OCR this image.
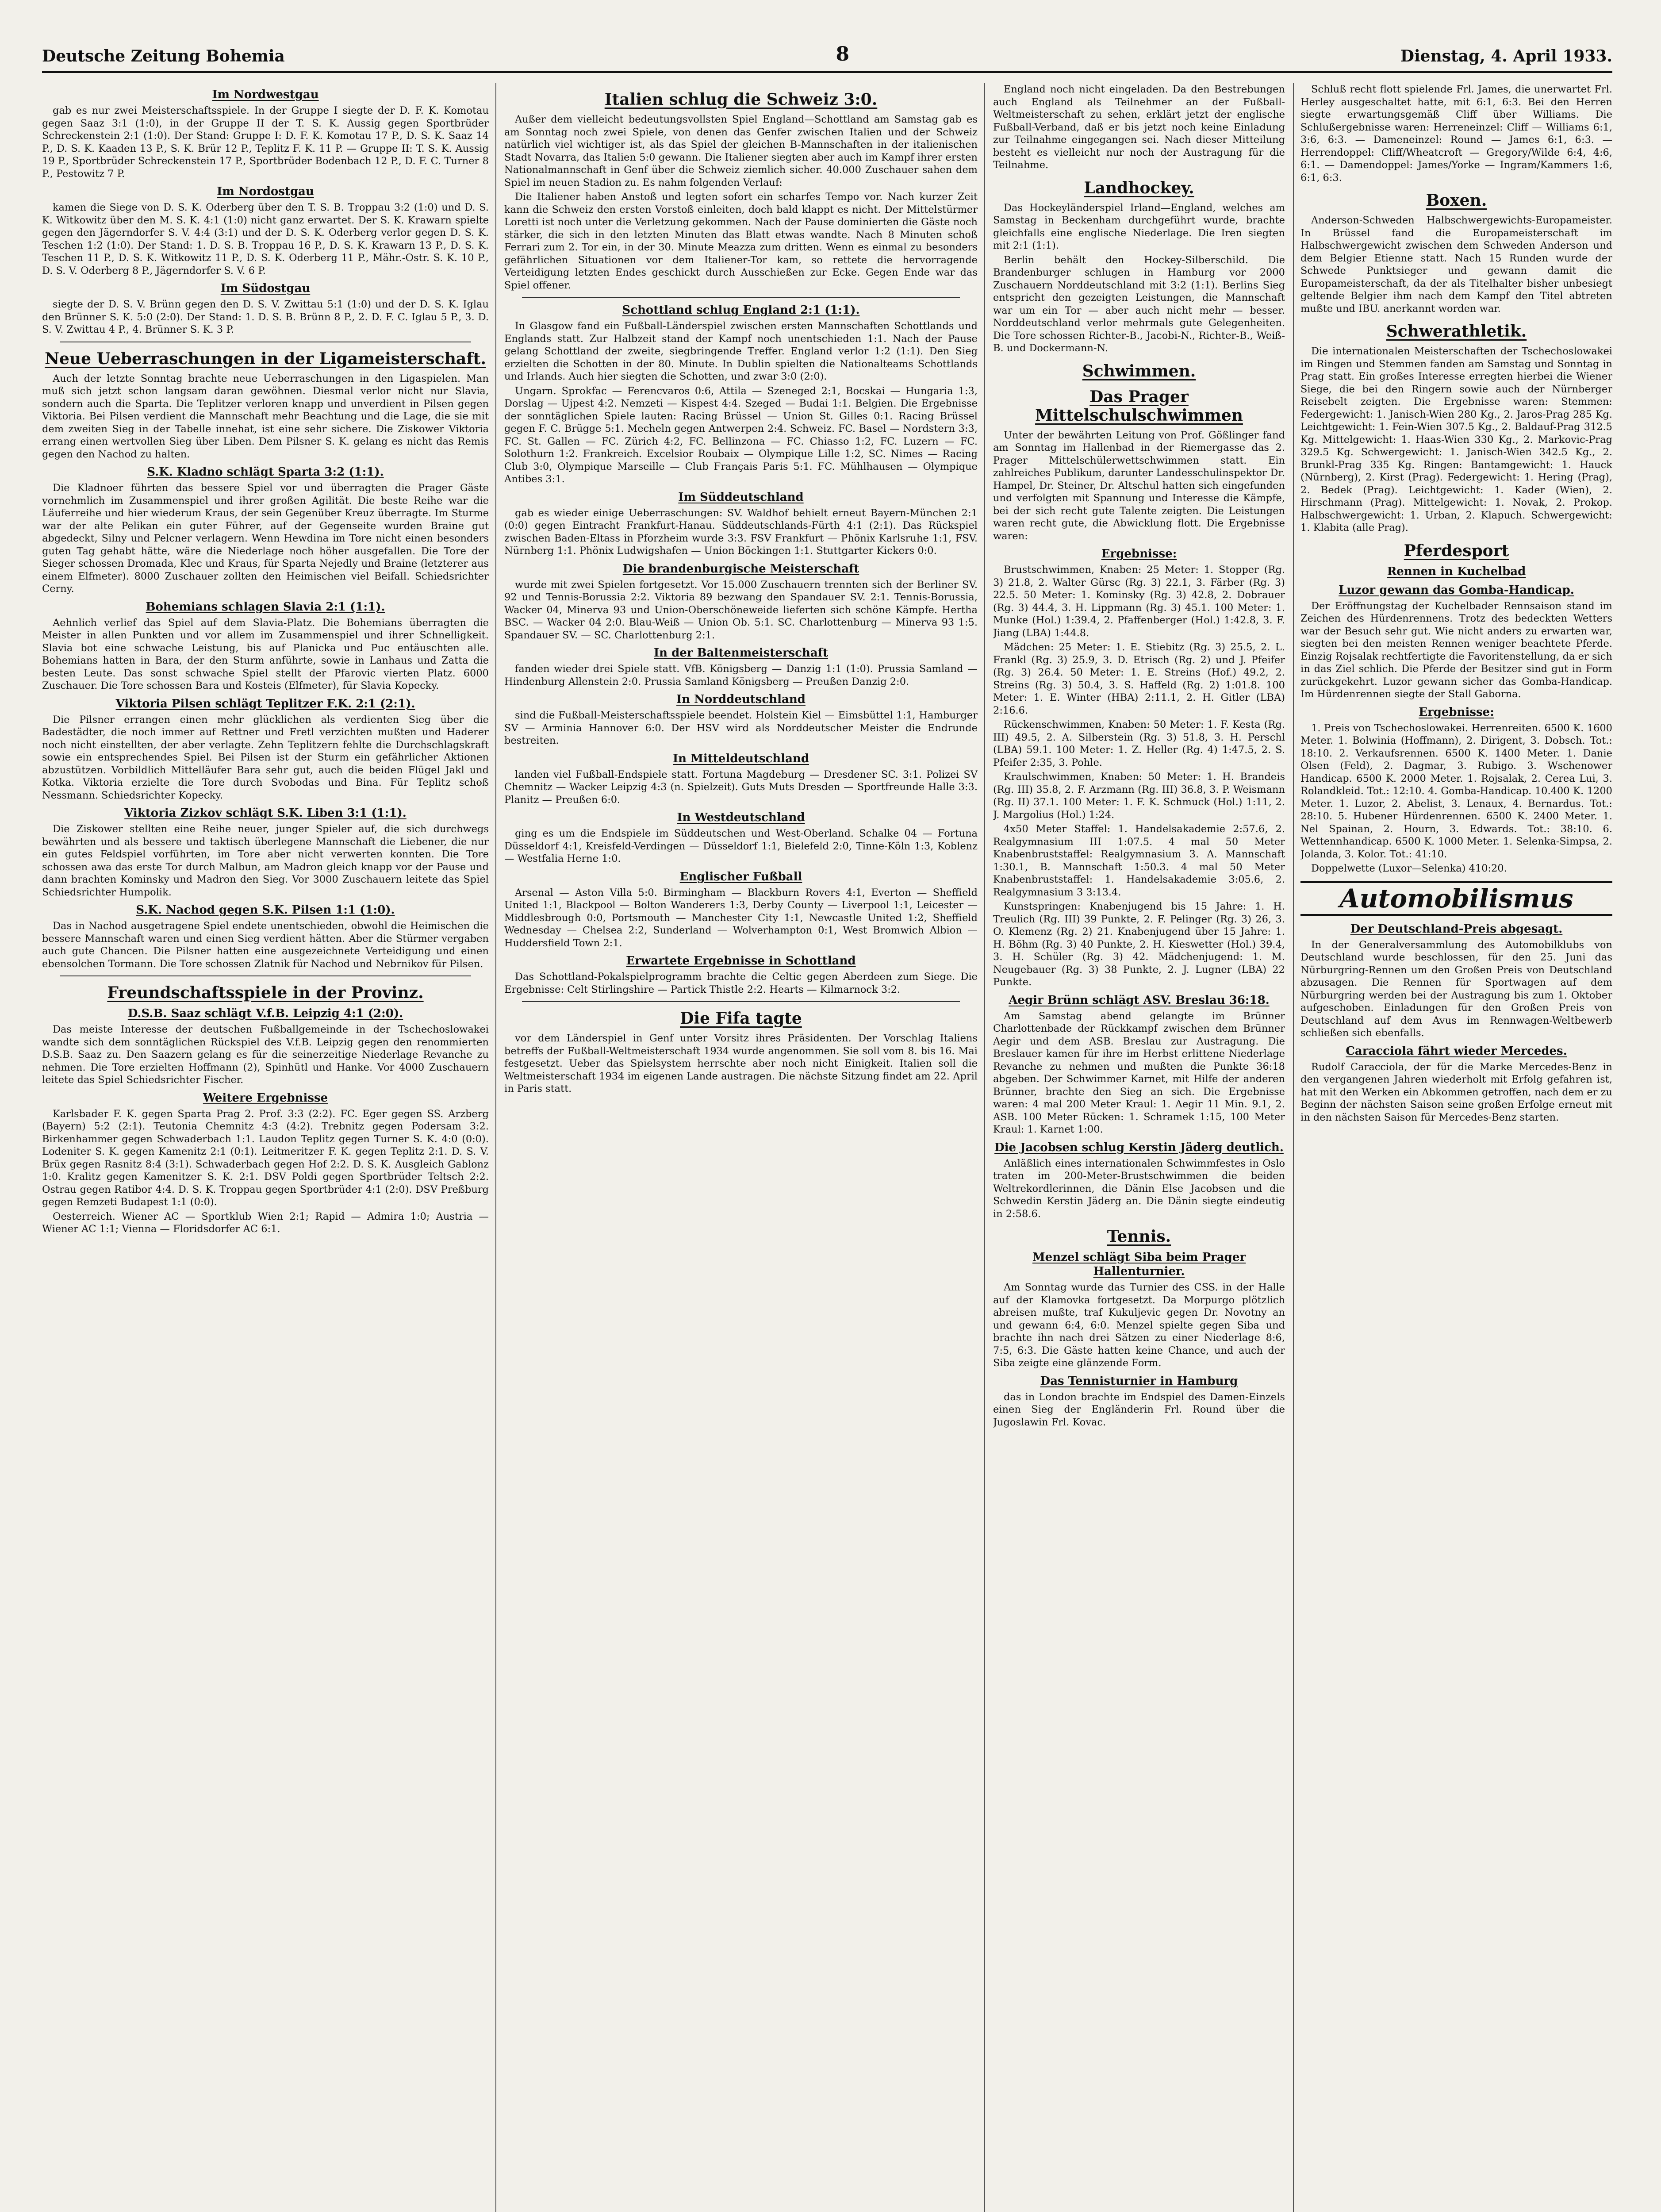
Deutsche Zeitung Bohemia	8	Dienstag, 4. April 1933.
Im Nordwestgau

gab es nur zwei Meisterschaftsspiele. In der Gruppe I siegte der D. F. K. Komotau gegen Saaz 3:1 (1:0), in der Gruppe II der T. S. K. Aussig gegen Sportbrüder Schreckenstein 2:1 (1:0). Der Stand: Gruppe I: D. F. K. Komotau 17 P., D. S. K. Saaz 14 P., D. S. K. Kaaden 13 P., S. K. Brür 12 P., Teplitz F. K. 11 P. — Gruppe II: T. S. K. Aussig 19 P., Sportbrüder Schreckenstein 17 P., Sportbrüder Bodenbach 12 P., D. F. C. Turner 8 P., Pestowitz 7 P.

Im Nordostgau

kamen die Siege von D. S. K. Oderberg über den T. S. B. Troppau 3:2 (1:0) und D. S. K. Witkowitz über den M. S. K. 4:1 (1:0) nicht ganz erwartet. Der S. K. Krawarn spielte gegen den Jägerndorfer S. V. 4:4 (3:1) und der D. S. K. Oderberg verlor gegen D. S. K. Teschen 1:2 (1:0). Der Stand: 1. D. S. B. Troppau 16 P., D. S. K. Krawarn 13 P., D. S. K. Teschen 11 P., D. S. K. Witkowitz 11 P., D. S. K. Oderberg 11 P., Mähr.-Ostr. S. K. 10 P., D. S. V. Oderberg 8 P., Jägerndorfer S. V. 6 P.

Im Südostgau

siegte der D. S. V. Brünn gegen den D. S. V. Zwittau 5:1 (1:0) und der D. S. K. Iglau den Brünner S. K. 5:0 (2:0). Der Stand: 1. D. S. B. Brünn 8 P., 2. D. F. C. Iglau 5 P., 3. D. S. V. Zwittau 4 P., 4. Brünner S. K. 3 P.

Neue Ueberraschungen in der Ligameisterschaft.

Auch der letzte Sonntag brachte neue Ueberraschungen in den Ligaspielen. Man muß sich jetzt schon langsam daran gewöhnen. Diesmal verlor nicht nur Slavia, sondern auch die Sparta. Die Teplitzer verloren knapp und unverdient in Pilsen gegen Viktoria. Bei Pilsen verdient die Mannschaft mehr Beachtung und die Lage, die sie mit dem zweiten Sieg in der Tabelle innehat, ist eine sehr sichere. Die Ziskower Viktoria errang einen wertvollen Sieg über Liben. Dem Pilsner S. K. gelang es nicht das Remis gegen den Nachod zu halten.

S.K. Kladno schlägt Sparta 3:2 (1:1).

Die Kladnoer führten das bessere Spiel vor und überragten die Prager Gäste vornehmlich im Zusammenspiel und ihrer großen Agilität. Die beste Reihe war die Läuferreihe und hier wiederum Kraus, der sein Gegenüber Kreuz überragte. Im Sturme war der alte Pelikan ein guter Führer, auf der Gegenseite wurden Braine gut abgedeckt, Silny und Pelcner verlagern. Wenn Hewdina im Tore nicht einen besonders guten Tag gehabt hätte, wäre die Niederlage noch höher ausgefallen. Die Tore der Sieger schossen Dromada, Klec und Kraus, für Sparta Nejedly und Braine (letzterer aus einem Elfmeter). 8000 Zuschauer zollten den Heimischen viel Beifall. Schiedsrichter Cerny.

Bohemians schlagen Slavia 2:1 (1:1).

Aehnlich verlief das Spiel auf dem Slavia-Platz. Die Bohemians überragten die Meister in allen Punkten und vor allem im Zusammenspiel und ihrer Schnelligkeit. Slavia bot eine schwache Leistung, bis auf Planicka und Puc entäuschten alle. Bohemians hatten in Bara, der den Sturm anführte, sowie in Lanhaus und Zatta die besten Leute. Das sonst schwache Spiel stellt der Pfarovic vierten Platz. 6000 Zuschauer. Die Tore schossen Bara und Kosteis (Elfmeter), für Slavia Kopecky.

Viktoria Pilsen schlägt Teplitzer F.K. 2:1 (2:1).

Die Pilsner errangen einen mehr glücklichen als verdienten Sieg über die Badestädter, die noch immer auf Rettner und Fretl verzichten mußten und Haderer noch nicht einstellten, der aber verlagte. Zehn Teplitzern fehlte die Durchschlagskraft sowie ein entsprechendes Spiel. Bei Pilsen ist der Sturm ein gefährlicher Aktionen abzustützen. Vorbildlich Mittelläufer Bara sehr gut, auch die beiden Flügel Jakl und Kotka. Viktoria erzielte die Tore durch Svobodas und Bina. Für Teplitz schoß Nessmann. Schiedsrichter Kopecky.

Viktoria Zizkov schlägt S.K. Liben 3:1 (1:1).

Die Ziskower stellten eine Reihe neuer, junger Spieler auf, die sich durchwegs bewährten und als bessere und taktisch überlegene Mannschaft die Liebener, die nur ein gutes Feldspiel vorführten, im Tore aber nicht verwerten konnten. Die Tore schossen awa das erste Tor durch Malbun, am Madron gleich knapp vor der Pause und dann brachten Kominsky und Madron den Sieg. Vor 3000 Zuschauern leitete das Spiel Schiedsrichter Humpolik.

S.K. Nachod gegen S.K. Pilsen 1:1 (1:0).

Das in Nachod ausgetragene Spiel endete unentschieden, obwohl die Heimischen die bessere Mannschaft waren und einen Sieg verdient hätten. Aber die Stürmer vergaben auch gute Chancen. Die Pilsner hatten eine ausgezeichnete Verteidigung und einen ebensolchen Tormann. Die Tore schossen Zlatnik für Nachod und Nebrnikov für Pilsen.

Freundschaftsspiele in der Provinz.
D.S.B. Saaz schlägt V.f.B. Leipzig 4:1 (2:0).

Das meiste Interesse der deutschen Fußballgemeinde in der Tschechoslowakei wandte sich dem sonntäglichen Rückspiel des V.f.B. Leipzig gegen den renommierten D.S.B. Saaz zu. Den Saazern gelang es für die seinerzeitige Niederlage Revanche zu nehmen. Die Tore erzielten Hoffmann (2), Spinhütl und Hanke. Vor 4000 Zuschauern leitete das Spiel Schiedsrichter Fischer.

Weitere Ergebnisse

Karlsbader F. K. gegen Sparta Prag 2. Prof. 3:3 (2:2). FC. Eger gegen SS. Arzberg (Bayern) 5:2 (2:1). Teutonia Chemnitz 4:3 (4:2). Trebnitz gegen Podersam 3:2. Birkenhammer gegen Schwaderbach 1:1. Laudon Teplitz gegen Turner S. K. 4:0 (0:0). Lodeniter S. K. gegen Kamenitz 2:1 (0:1). Leitmeritzer F. K. gegen Teplitz 2:1. D. S. V. Brüx gegen Rasnitz 8:4 (3:1). Schwaderbach gegen Hof 2:2. D. S. K. Ausgleich Gablonz 1:0. Kralitz gegen Kamenitzer S. K. 2:1. DSV Poldi gegen Sportbrüder Teltsch 2:2. Ostrau gegen Ratibor 4:4. D. S. K. Troppau gegen Sportbrüder 4:1 (2:0). DSV Preßburg gegen Remzeti Budapest 1:1 (0:0).

Oesterreich. Wiener AC — Sportklub Wien 2:1; Rapid — Admira 1:0; Austria — Wiener AC 1:1; Vienna — Floridsdorfer AC 6:1.

Italien schlug die Schweiz 3:0.

Außer dem vielleicht bedeutungsvollsten Spiel England—Schottland am Samstag gab es am Sonntag noch zwei Spiele, von denen das Genfer zwischen Italien und der Schweiz natürlich viel wichtiger ist, als das Spiel der gleichen B-Mannschaften in der italienischen Stadt Novarra, das Italien 5:0 gewann. Die Italiener siegten aber auch im Kampf ihrer ersten Nationalmannschaft in Genf über die Schweiz ziemlich sicher. 40.000 Zuschauer sahen dem Spiel im neuen Stadion zu. Es nahm folgenden Verlauf:

Die Italiener haben Anstoß und legten sofort ein scharfes Tempo vor. Nach kurzer Zeit kann die Schweiz den ersten Vorstoß einleiten, doch bald klappt es nicht. Der Mittelstürmer Loretti ist noch unter die Verletzung gekommen. Nach der Pause dominierten die Gäste noch stärker, die sich in den letzten Minuten das Blatt etwas wandte. Nach 8 Minuten schoß Ferrari zum 2. Tor ein, in der 30. Minute Meazza zum dritten. Wenn es einmal zu besonders gefährlichen Situationen vor dem Italiener-Tor kam, so rettete die hervorragende Verteidigung letzten Endes geschickt durch Ausschießen zur Ecke. Gegen Ende war das Spiel offener.

Schottland schlug England 2:1 (1:1).

In Glasgow fand ein Fußball-Länderspiel zwischen ersten Mannschaften Schottlands und Englands statt. Zur Halbzeit stand der Kampf noch unentschieden 1:1. Nach der Pause gelang Schottland der zweite, siegbringende Treffer. England verlor 1:2 (1:1). Den Sieg erzielten die Schotten in der 80. Minute. In Dublin spielten die Nationalteams Schottlands und Irlands. Auch hier siegten die Schotten, und zwar 3:0 (2:0).

Ungarn. Sprokfac — Ferencvaros 0:6, Attila — Szeneged 2:1, Bocskai — Hungaria 1:3, Dorslag — Ujpest 4:2. Nemzeti — Kispest 4:4. Szeged — Budai 1:1. Belgien. Die Ergebnisse der sonntäglichen Spiele lauten: Racing Brüssel — Union St. Gilles 0:1. Racing Brüssel gegen F. C. Brügge 5:1. Mecheln gegen Antwerpen 2:4. Schweiz. FC. Basel — Nordstern 3:3, FC. St. Gallen — FC. Zürich 4:2, FC. Bellinzona — FC. Chiasso 1:2, FC. Luzern — FC. Solothurn 1:2. Frankreich. Excelsior Roubaix — Olympique Lille 1:2, SC. Nimes — Racing Club 3:0, Olympique Marseille — Club Français Paris 5:1. FC. Mühlhausen — Olympique Antibes 3:1.

Im Süddeutschland

gab es wieder einige Ueberraschungen: SV. Waldhof behielt erneut Bayern-München 2:1 (0:0) gegen Eintracht Frankfurt-Hanau. Süddeutschlands-Fürth 4:1 (2:1). Das Rückspiel zwischen Baden-Eltass in Pforzheim wurde 3:3. FSV Frankfurt — Phönix Karlsruhe 1:1, FSV. Nürnberg 1:1. Phönix Ludwigshafen — Union Böckingen 1:1. Stuttgarter Kickers 0:0.

Die brandenburgische Meisterschaft

wurde mit zwei Spielen fortgesetzt. Vor 15.000 Zuschauern trennten sich der Berliner SV. 92 und Tennis-Borussia 2:2. Viktoria 89 bezwang den Spandauer SV. 2:1. Tennis-Borussia, Wacker 04, Minerva 93 und Union-Oberschöneweide lieferten sich schöne Kämpfe. Hertha BSC. — Wacker 04 2:0. Blau-Weiß — Union Ob. 5:1. SC. Charlottenburg — Minerva 93 1:5. Spandauer SV. — SC. Charlottenburg 2:1.

In der Baltenmeisterschaft

fanden wieder drei Spiele statt. VfB. Königsberg — Danzig 1:1 (1:0). Prussia Samland — Hindenburg Allenstein 2:0. Prussia Samland Königsberg — Preußen Danzig 2:0.

In Norddeutschland

sind die Fußball-Meisterschaftsspiele beendet. Holstein Kiel — Eimsbüttel 1:1, Hamburger SV — Arminia Hannover 6:0. Der HSV wird als Norddeutscher Meister die Endrunde bestreiten.

In Mitteldeutschland

landen viel Fußball-Endspiele statt. Fortuna Magdeburg — Dresdener SC. 3:1. Polizei SV Chemnitz — Wacker Leipzig 4:3 (n. Spielzeit). Guts Muts Dresden — Sportfreunde Halle 3:3. Planitz — Preußen 6:0.

In Westdeutschland

ging es um die Endspiele im Süddeutschen und West-Oberland. Schalke 04 — Fortuna Düsseldorf 4:1, Kreisfeld-Verdingen — Düsseldorf 1:1, Bielefeld 2:0, Tinne-Köln 1:3, Koblenz — Westfalia Herne 1:0.

Englischer Fußball

Arsenal — Aston Villa 5:0. Birmingham — Blackburn Rovers 4:1, Everton — Sheffield United 1:1, Blackpool — Bolton Wanderers 1:3, Derby County — Liverpool 1:1, Leicester — Middlesbrough 0:0, Portsmouth — Manchester City 1:1, Newcastle United 1:2, Sheffield Wednesday — Chelsea 2:2, Sunderland — Wolverhampton 0:1, West Bromwich Albion — Huddersfield Town 2:1.

Erwartete Ergebnisse in Schottland

Das Schottland-Pokalspielprogramm brachte die Celtic gegen Aberdeen zum Siege. Die Ergebnisse: Celt Stirlingshire — Partick Thistle 2:2. Hearts — Kilmarnock 3:2.

Die Fifa tagte

vor dem Länderspiel in Genf unter Vorsitz ihres Präsidenten. Der Vorschlag Italiens betreffs der Fußball-Weltmeisterschaft 1934 wurde angenommen. Sie soll vom 8. bis 16. Mai festgesetzt. Ueber das Spielsystem herrschte aber noch nicht Einigkeit. Italien soll die Weltmeisterschaft 1934 im eigenen Lande austragen. Die nächste Sitzung findet am 22. April in Paris statt.

England noch nicht eingeladen. Da den Bestrebungen auch England als Teilnehmer an der Fußball-Weltmeisterschaft zu sehen, erklärt jetzt der englische Fußball-Verband, daß er bis jetzt noch keine Einladung zur Teilnahme eingegangen sei. Nach dieser Mitteilung besteht es vielleicht nur noch der Austragung für die Teilnahme.

Landhockey.

Das Hockeyländerspiel Irland—England, welches am Samstag in Beckenham durchgeführt wurde, brachte gleichfalls eine englische Niederlage. Die Iren siegten mit 2:1 (1:1).

Berlin behält den Hockey-Silberschild. Die Brandenburger schlugen in Hamburg vor 2000 Zuschauern Norddeutschland mit 3:2 (1:1). Berlins Sieg entspricht den gezeigten Leistungen, die Mannschaft war um ein Tor — aber auch nicht mehr — besser. Norddeutschland verlor mehrmals gute Gelegenheiten. Die Tore schossen Richter-B., Jacobi-N., Richter-B., Weiß-B. und Dockermann-N.

Schwimmen.
Das Prager Mittelschulschwimmen

Unter der bewährten Leitung von Prof. Gößlinger fand am Sonntag im Hallenbad in der Riemergasse das 2. Prager Mittelschülerwettschwimmen statt. Ein zahlreiches Publikum, darunter Landesschulinspektor Dr. Hampel, Dr. Steiner, Dr. Altschul hatten sich eingefunden und verfolgten mit Spannung und Interesse die Kämpfe, bei der sich recht gute Talente zeigten. Die Leistungen waren recht gute, die Abwicklung flott. Die Ergebnisse waren:

Ergebnisse:

Brustschwimmen, Knaben: 25 Meter: 1. Stopper (Rg. 3) 21.8, 2. Walter Gürsc (Rg. 3) 22.1, 3. Färber (Rg. 3) 22.5. 50 Meter: 1. Kominsky (Rg. 3) 42.8, 2. Dobrauer (Rg. 3) 44.4, 3. H. Lippmann (Rg. 3) 45.1. 100 Meter: 1. Munke (Hol.) 1:39.4, 2. Pfaffenberger (Hol.) 1:42.8, 3. F. Jiang (LBA) 1:44.8.

Mädchen: 25 Meter: 1. E. Stiebitz (Rg. 3) 25.5, 2. L. Frankl (Rg. 3) 25.9, 3. D. Etrisch (Rg. 2) und J. Pfeifer (Rg. 3) 26.4. 50 Meter: 1. E. Streins (Hof.) 49.2, 2. Streins (Rg. 3) 50.4, 3. S. Haffeld (Rg. 2) 1:01.8. 100 Meter: 1. E. Winter (HBA) 2:11.1, 2. H. Gitler (LBA) 2:16.6.

Rückenschwimmen, Knaben: 50 Meter: 1. F. Kesta (Rg. III) 49.5, 2. A. Silberstein (Rg. 3) 51.8, 3. H. Perschl (LBA) 59.1. 100 Meter: 1. Z. Heller (Rg. 4) 1:47.5, 2. S. Pfeifer 2:35, 3. Pohle.

Kraulschwimmen, Knaben: 50 Meter: 1. H. Brandeis (Rg. III) 35.8, 2. F. Arzmann (Rg. III) 36.8, 3. P. Weismann (Rg. II) 37.1. 100 Meter: 1. F. K. Schmuck (Hol.) 1:11, 2. J. Margolius (Hol.) 1:24.

4x50 Meter Staffel: 1. Handelsakademie 2:57.6, 2. Realgymnasium III 1:07.5. 4 mal 50 Meter Knabenbruststaffel: Realgymnasium 3. A. Mannschaft 1:30.1, B. Mannschaft 1:50.3. 4 mal 50 Meter Knabenbruststaffel: 1. Handelsakademie 3:05.6, 2. Realgymnasium 3 3:13.4.

Kunstspringen: Knabenjugend bis 15 Jahre: 1. H. Treulich (Rg. III) 39 Punkte, 2. F. Pelinger (Rg. 3) 26, 3. O. Klemenz (Rg. 2) 21. Knabenjugend über 15 Jahre: 1. H. Böhm (Rg. 3) 40 Punkte, 2. H. Kieswetter (Hol.) 39.4, 3. H. Schüler (Rg. 3) 42. Mädchenjugend: 1. M. Neugebauer (Rg. 3) 38 Punkte, 2. J. Lugner (LBA) 22 Punkte.

Aegir Brünn schlägt ASV. Breslau 36:18.

Am Samstag abend gelangte im Brünner Charlottenbade der Rückkampf zwischen dem Brünner Aegir und dem ASB. Breslau zur Austragung. Die Breslauer kamen für ihre im Herbst erlittene Niederlage Revanche zu nehmen und mußten die Punkte 36:18 abgeben. Der Schwimmer Karnet, mit Hilfe der anderen Brünner, brachte den Sieg an sich. Die Ergebnisse waren: 4 mal 200 Meter Kraul: 1. Aegir 11 Min. 9.1, 2. ASB. 100 Meter Rücken: 1. Schramek 1:15, 100 Meter Kraul: 1. Karnet 1:00.

Die Jacobsen schlug Kerstin Jäderg deutlich.

Anläßlich eines internationalen Schwimmfestes in Oslo traten im 200-Meter-Brustschwimmen die beiden Weltrekordlerinnen, die Dänin Else Jacobsen und die Schwedin Kerstin Jäderg an. Die Dänin siegte eindeutig in 2:58.6.

Tennis.
Menzel schlägt Siba beim Prager Hallenturnier.

Am Sonntag wurde das Turnier des CSS. in der Halle auf der Klamovka fortgesetzt. Da Morpurgo plötzlich abreisen mußte, traf Kukuljevic gegen Dr. Novotny an und gewann 6:4, 6:0. Menzel spielte gegen Siba und brachte ihn nach drei Sätzen zu einer Niederlage 8:6, 7:5, 6:3. Die Gäste hatten keine Chance, und auch der Siba zeigte eine glänzende Form.

Das Tennisturnier in Hamburg

das in London brachte im Endspiel des Damen-Einzels einen Sieg der Engländerin Frl. Round über die Jugoslawin Frl. Kovac.

Schluß recht flott spielende Frl. James, die unerwartet Frl. Herley ausgeschaltet hatte, mit 6:1, 6:3. Bei den Herren siegte erwartungsgemäß Cliff über Williams. Die Schlußergebnisse waren: Herreneinzel: Cliff — Williams 6:1, 3:6, 6:3. — Dameneinzel: Round — James 6:1, 6:3. — Herrendoppel: Cliff/Wheatcroft — Gregory/Wilde 6:4, 4:6, 6:1. — Damendoppel: James/Yorke — Ingram/Kammers 1:6, 6:1, 6:3.

Boxen.

Anderson-Schweden Halbschwergewichts-Europameister. In Brüssel fand die Europameisterschaft im Halbschwergewicht zwischen dem Schweden Anderson und dem Belgier Etienne statt. Nach 15 Runden wurde der Schwede Punktsieger und gewann damit die Europameisterschaft, da der als Titelhalter bisher unbesiegt geltende Belgier ihm nach dem Kampf den Titel abtreten mußte und IBU. anerkannt worden war.

Schwerathletik.

Die internationalen Meisterschaften der Tschechoslowakei im Ringen und Stemmen fanden am Samstag und Sonntag in Prag statt. Ein großes Interesse erregten hierbei die Wiener Siege, die bei den Ringern sowie auch der Nürnberger Reisebelt zeigten. Die Ergebnisse waren: Stemmen: Federgewicht: 1. Janisch-Wien 280 Kg., 2. Jaros-Prag 285 Kg. Leichtgewicht: 1. Fein-Wien 307.5 Kg., 2. Baldauf-Prag 312.5 Kg. Mittelgewicht: 1. Haas-Wien 330 Kg., 2. Markovic-Prag 329.5 Kg. Schwergewicht: 1. Janisch-Wien 342.5 Kg., 2. Brunkl-Prag 335 Kg. Ringen: Bantamgewicht: 1. Hauck (Nürnberg), 2. Kirst (Prag). Federgewicht: 1. Hering (Prag), 2. Bedek (Prag). Leichtgewicht: 1. Kader (Wien), 2. Hirschmann (Prag). Mittelgewicht: 1. Novak, 2. Prokop. Halbschwergewicht: 1. Urban, 2. Klapuch. Schwergewicht: 1. Klabita (alle Prag).

Pferdesport
Rennen in Kuchelbad
Luzor gewann das Gomba-Handicap.

Der Eröffnungstag der Kuchelbader Rennsaison stand im Zeichen des Hürdenrennens. Trotz des bedeckten Wetters war der Besuch sehr gut. Wie nicht anders zu erwarten war, siegten bei den meisten Rennen weniger beachtete Pferde. Einzig Rojsalak rechtfertigte die Favoritenstellung, da er sich in das Ziel schlich. Die Pferde der Besitzer sind gut in Form zurückgekehrt. Luzor gewann sicher das Gomba-Handicap. Im Hürdenrennen siegte der Stall Gaborna.

Ergebnisse:

1. Preis von Tschechoslowakei. Herrenreiten. 6500 K. 1600 Meter. 1. Bolwinia (Hoffmann), 2. Dirigent, 3. Dobsch. Tot.: 18:10. 2. Verkaufsrennen. 6500 K. 1400 Meter. 1. Danie Olsen (Feld), 2. Dagmar, 3. Rubigo. 3. Wschenower Handicap. 6500 K. 2000 Meter. 1. Rojsalak, 2. Cerea Lui, 3. Rolandkleid. Tot.: 12:10. 4. Gomba-Handicap. 10.400 K. 1200 Meter. 1. Luzor, 2. Abelist, 3. Lenaux, 4. Bernardus. Tot.: 28:10. 5. Hubener Hürdenrennen. 6500 K. 2400 Meter. 1. Nel Spainan, 2. Hourn, 3. Edwards. Tot.: 38:10. 6. Wettennhandicap. 6500 K. 1000 Meter. 1. Selenka-Simpsa, 2. Jolanda, 3. Kolor. Tot.: 41:10.

Doppelwette (Luxor—Selenka) 410:20.

Automobilismus
Der Deutschland-Preis abgesagt.

In der Generalversammlung des Automobilklubs von Deutschland wurde beschlossen, für den 25. Juni das Nürburgring-Rennen um den Großen Preis von Deutschland abzusagen. Die Rennen für Sportwagen auf dem Nürburgring werden bei der Austragung bis zum 1. Oktober aufgeschoben. Einladungen für den Großen Preis von Deutschland auf dem Avus im Rennwagen-Weltbewerb schließen sich ebenfalls.

Caracciola fährt wieder Mercedes.

Rudolf Caracciola, der für die Marke Mercedes-Benz in den vergangenen Jahren wiederholt mit Erfolg gefahren ist, hat mit den Werken ein Abkommen getroffen, nach dem er zu Beginn der nächsten Saison seine großen Erfolge erneut mit in den nächsten Saison für Mercedes-Benz starten.
